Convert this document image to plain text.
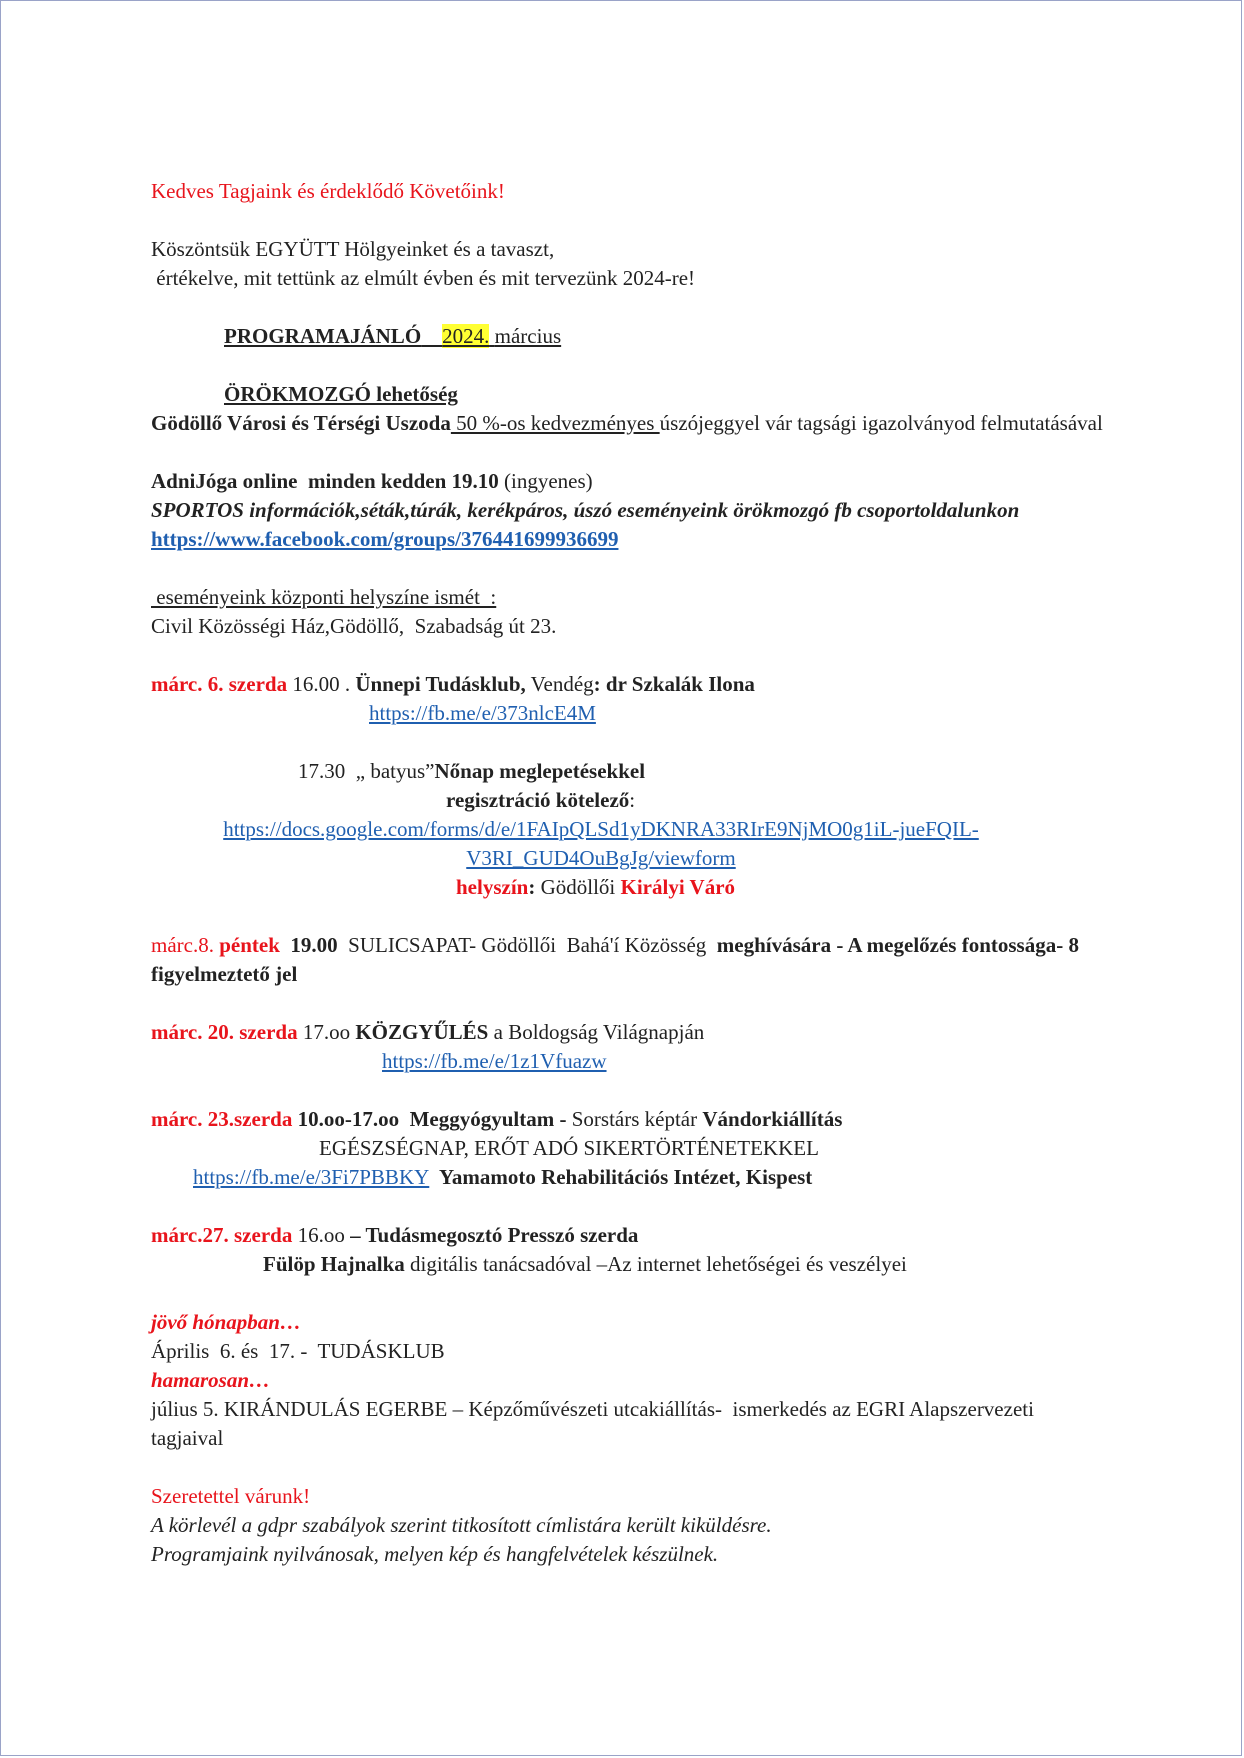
Kedves Tagjaink és érdeklődő Követőink!
Köszöntsük EGYÜTT Hölgyeinket és a tavaszt,
értékelve, mit tettünk az elmúlt évben és mit tervezünk 2024-re!
PROGRAMAJÁNLÓ 2024. március
ÖRÖKMOZGÓ lehetőség
Gödöllő Városi és Térségi Uszoda 50 %-os kedvezményes úszójeggyel vár tagsági igazolványod felmutatásával
AdniJóga online  minden kedden 19.10 (ingyenes)
SPORTOS információk,séták,túrák, kerékpáros, úszó eseményeink örökmozgó fb csoportoldalunkon    https://www.facebook.com/groups/376441699936699
eseményeink központi helyszíne ismét  :
Civil Közösségi Ház,Gödöllő,  Szabadság út 23.
márc. 6. szerda 16.00 . Ünnepi Tudásklub, Vendég: dr Szkalák Ilona
https://fb.me/e/373nlcE4M
17.30  „ batyus”Nőnap meglepetésekkel
regisztráció kötelező:
https://docs.google.com/forms/d/e/1FAIpQLSd1yDKNRA33RIrE9NjMO0g1iL-jueFQIL-
V3RI_GUD4OuBgJg/viewform
helyszín: Gödöllői Királyi Váró
márc.8. péntek  19.00  SULICSAPAT- Gödöllői  Bahá'í Közösség  meghívására - A megelőzés fontossága- 8 figyelmeztető jel
márc. 20. szerda 17.oo KÖZGYŰLÉS a Boldogság Világnapján
https://fb.me/e/1z1Vfuazw
márc. 23.szerda 10.oo-17.oo  Meggyógyultam - Sorstárs képtár Vándorkiállítás
EGÉSZSÉGNAP, ERŐT ADÓ SIKERTÖRTÉNETEKKEL
https://fb.me/e/3Fi7PBBKY  Yamamoto Rehabilitációs Intézet, Kispest
márc.27. szerda 16.oo – Tudásmegosztó Presszó szerda
Fülöp Hajnalka digitális tanácsadóval –Az internet lehetőségei és veszélyei
jövő hónapban…
Április  6. és  17. -  TUDÁSKLUB
hamarosan…
július 5. KIRÁNDULÁS EGERBE – Képzőművészeti utcakiállítás-  ismerkedés az EGRI Alapszervezeti tagjaival
Szeretettel várunk!
A körlevél a gdpr szabályok szerint titkosított címlistára került kiküldésre.
Programjaink nyilvánosak, melyen kép és hangfelvételek készülnek.
